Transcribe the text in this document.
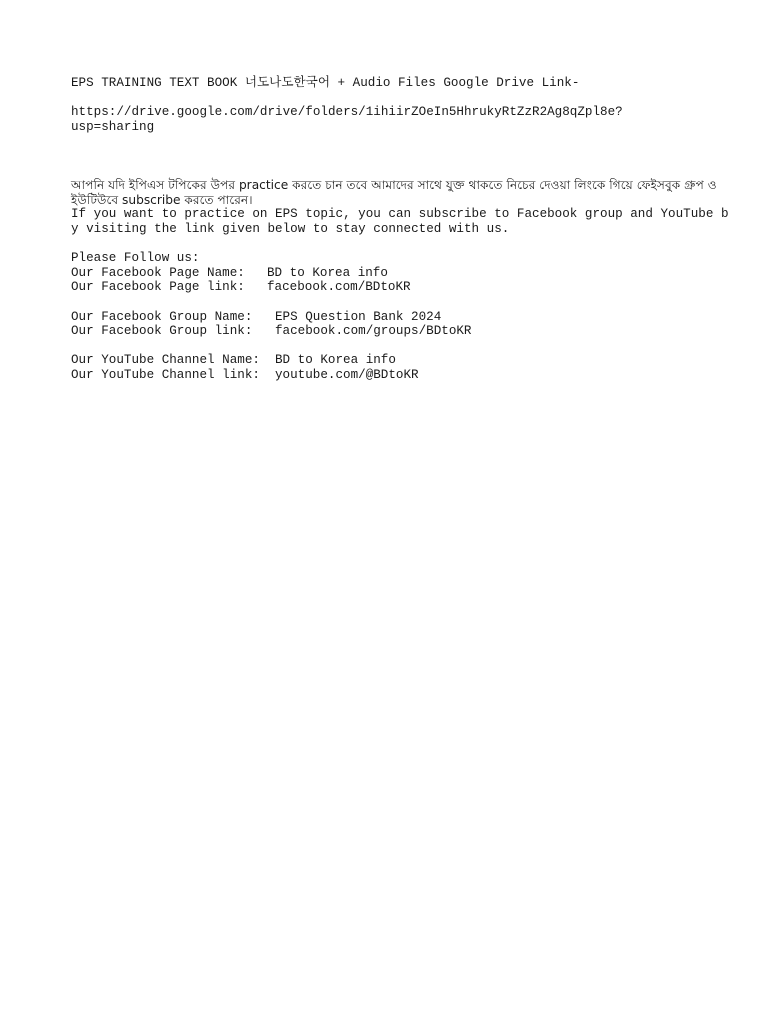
EPS TRAINING TEXT BOOK 너도나도한국어 + Audio Files Google Drive Link-
https://drive.google.com/drive/folders/1ihiirZOeIn5HhrukyRtZzR2Ag8qZpl8e?
usp=sharing
আপনি যদি ইপিএস টপিকের উপর practice করতে চান তবে আমাদের সাথে যুক্ত থাকতে নিচের দেওয়া লিংকে গিয়ে ফেইসবুক গ্রুপ ও ইউটিউবে subscribe করতে পারেন।
If you want to practice on EPS topic, you can subscribe to Facebook group and YouTube by visiting the link given below to stay connected with us.
Please Follow us:
Our Facebook Page Name:	BD to Korea info
Our Facebook Page link:	facebook.com/BDtoKR
Our Facebook Group Name:	EPS Question Bank 2024
Our Facebook Group link:	facebook.com/groups/BDtoKR
Our YouTube Channel Name:	BD to Korea info
Our YouTube Channel link:	youtube.com/@BDtoKR
